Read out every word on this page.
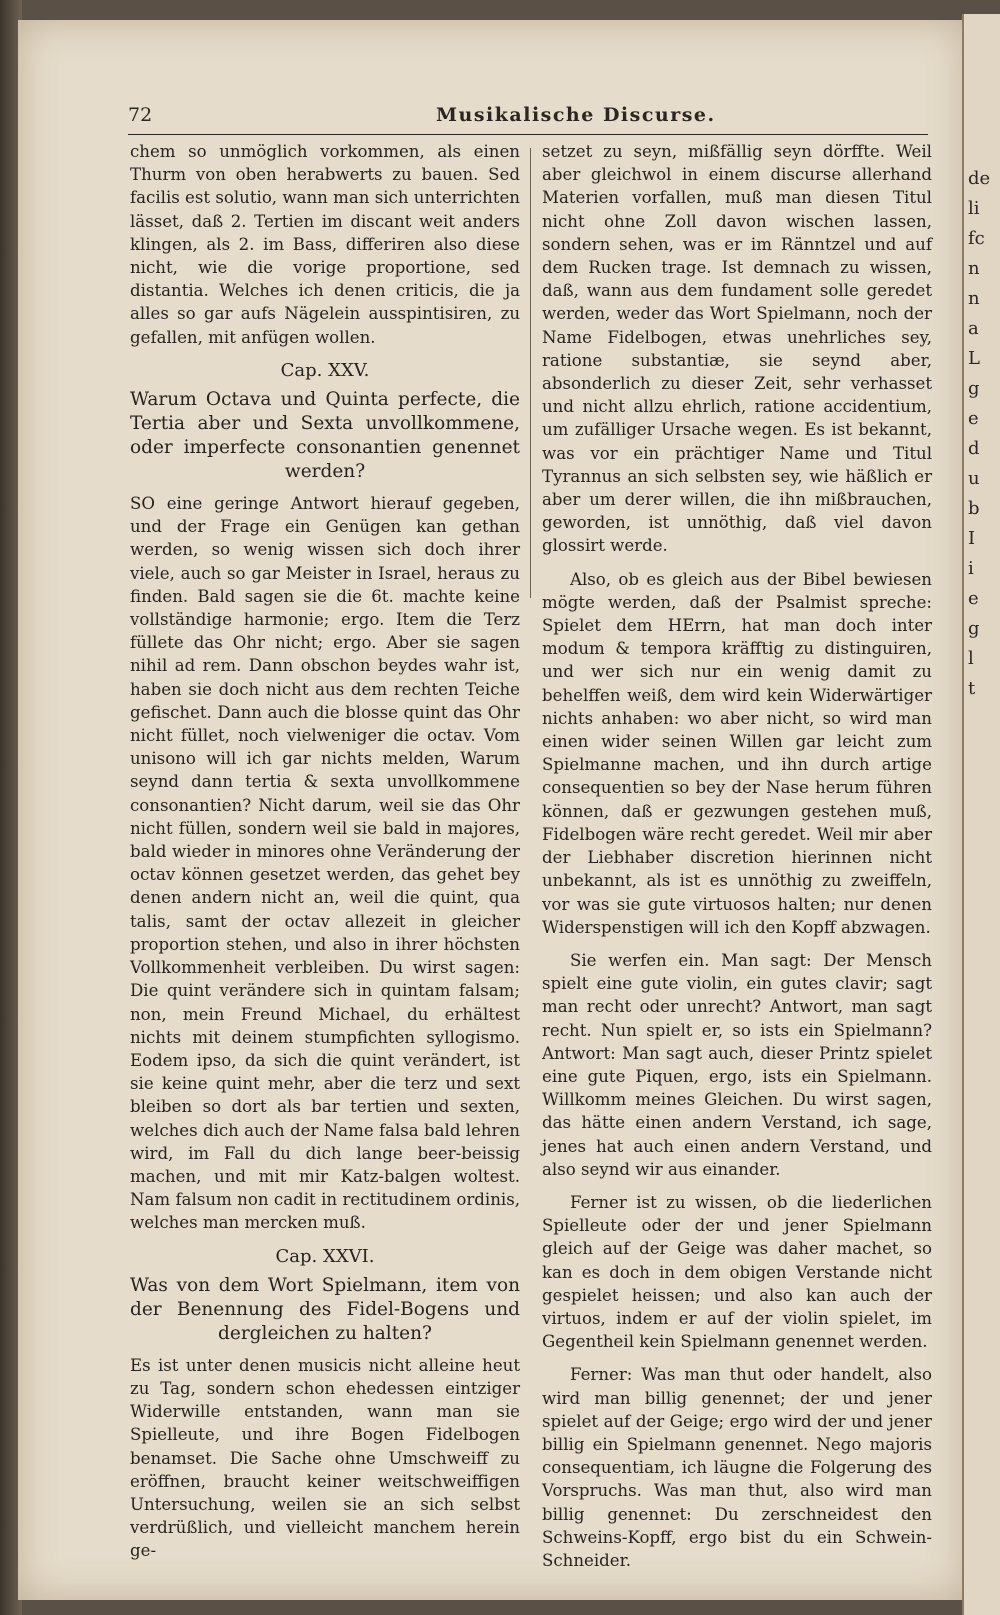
de
li
fc
n
n
a
L
g
e
d
u
b
I
i
e
g
l
t
72	Musikalische Discurse.

chem so unmöglich vorkommen, als einen Thurm von oben herabwerts zu bauen. Sed facilis est solutio, wann man sich unterrichten lässet, daß 2. Tertien im discant weit anders klingen, als 2. im Bass, differiren also diese nicht, wie die vorige proportione, sed distantia. Welches ich denen criticis, die ja alles so gar aufs Nägelein ausspintisiren, zu gefallen, mit anfügen wollen.

Cap. XXV.
Warum Octava und Quinta perfecte, die Tertia aber und Sexta unvollkommene, oder imperfecte consonantien genennet werden?

SO eine geringe Antwort hierauf gegeben, und der Frage ein Genügen kan gethan werden, so wenig wissen sich doch ihrer viele, auch so gar Meister in Israel, heraus zu finden. Bald sagen sie die 6t. machte keine vollständige harmonie; ergo. Item die Terz füllete das Ohr nicht; ergo. Aber sie sagen nihil ad rem. Dann obschon beydes wahr ist, haben sie doch nicht aus dem rechten Teiche gefischet. Dann auch die blosse quint das Ohr nicht füllet, noch vielweniger die octav. Vom unisono will ich gar nichts melden, Warum seynd dann tertia & sexta unvollkommene consonantien? Nicht darum, weil sie das Ohr nicht füllen, sondern weil sie bald in majores, bald wieder in minores ohne Veränderung der octav können gesetzet werden, das gehet bey denen andern nicht an, weil die quint, qua talis, samt der octav allezeit in gleicher proportion stehen, und also in ihrer höchsten Vollkommenheit verbleiben. Du wirst sagen: Die quint veränderе sich in quintam falsam; non, mein Freund Michael, du erhältest nichts mit deinem stumpfichten syllogismo. Eodem ipso, da sich die quint verändert, ist sie keine quint mehr, aber die terz und sext bleiben so dort als bar tertien und sexten, welches dich auch der Name falsa bald lehren wird, im Fall du dich lange beer-beissig machen, und mit mir Katz-balgen woltest. Nam falsum non cadit in rectitudinem ordinis, welches man mercken muß.

Cap. XXVI.
Was von dem Wort Spielmann, item von der Benennung des Fidel-Bogens und dergleichen zu halten?

Es ist unter denen musicis nicht alleine heut zu Tag, sondern schon ehedessen eintziger Widerwille entstanden, wann man sie Spielleute, und ihre Bogen Fidelbogen benamset. Die Sache ohne Umschweiff zu eröffnen, braucht keiner weitschweiffigen Untersuchung, weilen sie an sich selbst verdrüßlich, und vielleicht manchem herein ge-

setzet zu seyn, mißfällig seyn dörffte. Weil aber gleichwol in einem discurse allerhand Materien vorfallen, muß man diesen Titul nicht ohne Zoll davon wischen lassen, sondern sehen, was er im Ränntzel und auf dem Rucken trage. Ist demnach zu wissen, daß, wann aus dem fundament solle geredet werden, weder das Wort Spielmann, noch der Name Fidelbogen, etwas unehrliches sey, ratione substantiæ, sie seynd aber, absonderlich zu dieser Zeit, sehr verhasset und nicht allzu ehrlich, ratione accidentium, um zufälliger Ursache wegen. Es ist bekannt, was vor ein prächtiger Name und Titul Tyrannus an sich selbsten sey, wie häßlich er aber um derer willen, die ihn mißbrauchen, geworden, ist unnöthig, daß viel davon glossirt werde.

Also, ob es gleich aus der Bibel bewiesen mögte werden, daß der Psalmist spreche: Spielet dem HErrn, hat man doch inter modum & tempora kräfftig zu distinguiren, und wer sich nur ein wenig damit zu behelffen weiß, dem wird kein Widerwärtiger nichts anhaben: wo aber nicht, so wird man einen wider seinen Willen gar leicht zum Spielmanne machen, und ihn durch artige consequentien so bey der Nase herum führen können, daß er gezwungen gestehen muß, Fidelbogen wäre recht geredet. Weil mir aber der Liebhaber discretion hierinnen nicht unbekannt, als ist es unnöthig zu zweiffeln, vor was sie gute virtuosos halten; nur denen Widerspenstigen will ich den Kopff abzwagen.

Sie werfen ein. Man sagt: Der Mensch spielt eine gute violin, ein gutes clavir; sagt man recht oder unrecht? Antwort, man sagt recht. Nun spielt er, so ists ein Spielmann? Antwort: Man sagt auch, dieser Printz spielet eine gute Piquen, ergo, ists ein Spielmann. Willkomm meines Gleichen. Du wirst sagen, das hätte einen andern Verstand, ich sage, jenes hat auch einen andern Verstand, und also seynd wir aus einander.

Ferner ist zu wissen, ob die liederlichen Spielleute oder der und jener Spielmann gleich auf der Geige was daher machet, so kan es doch in dem obigen Verstande nicht gespielet heissen; und also kan auch der virtuos, indem er auf der violin spielet, im Gegentheil kein Spielmann genennet werden.

Ferner: Was man thut oder handelt, also wird man billig genennet; der und jener spielet auf der Geige; ergo wird der und jener billig ein Spielmann genennet. Nego majoris consequentiam, ich läugne die Folgerung des Vorspruchs. Was man thut, also wird man billig genennet: Du zerschneidest den Schweins-Kopff, ergo bist du ein Schwein-Schneider.
